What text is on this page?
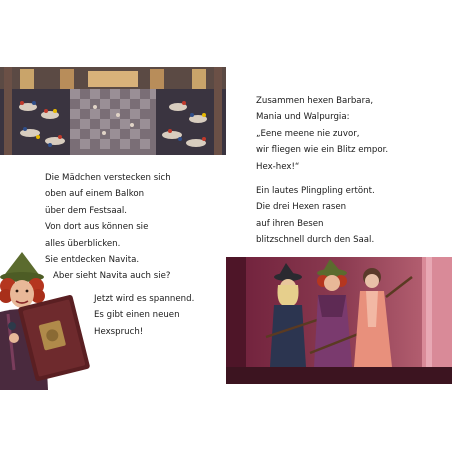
Die Mädchen verstecken sich

oben auf einem Balkon

über dem Festsaal.

Von dort aus können sie

alles überblicken.

Sie entdecken Navita.

Aber sieht Navita auch sie?

Jetzt wird es spannend.

Es gibt einen neuen

Hexspruch!

Zusammen hexen Barbara,

Mania und Walpurgia:

„Eene meene nie zuvor,

wir fliegen wie ein Blitz empor.

Hex-hex!“

Ein lautes Plingpling ertönt.

Die drei Hexen rasen

auf ihren Besen

blitzschnell durch den Saal.
